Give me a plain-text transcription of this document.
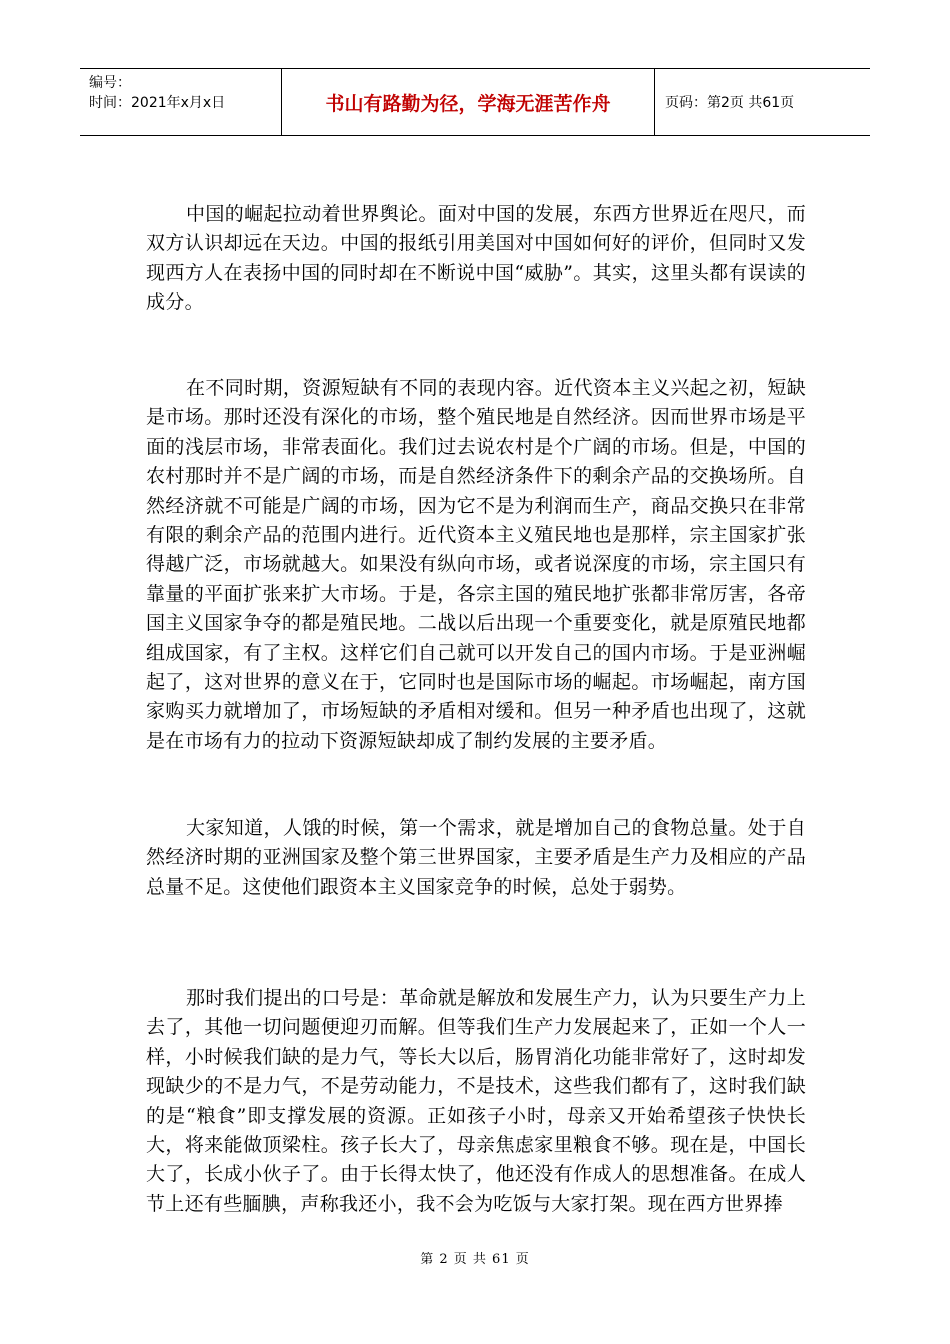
编号：
时间：2021年x月x日	书山有路勤为径，学海无涯苦作舟	页码：第2页 共61页

中国的崛起拉动着世界舆论。面对中国的发展，东西方世界近在咫尺，而双方认识却远在天边。中国的报纸引用美国对中国如何好的评价，但同时又发现西方人在表扬中国的同时却在不断说中国“威胁”。其实，这里头都有误读的成分。

在不同时期，资源短缺有不同的表现内容。近代资本主义兴起之初，短缺是市场。那时还没有深化的市场，整个殖民地是自然经济。因而世界市场是平面的浅层市场，非常表面化。我们过去说农村是个广阔的市场。但是，中国的农村那时并不是广阔的市场，而是自然经济条件下的剩余产品的交换场所。自然经济就不可能是广阔的市场，因为它不是为利润而生产，商品交换只在非常有限的剩余产品的范围内进行。近代资本主义殖民地也是那样，宗主国家扩张得越广泛，市场就越大。如果没有纵向市场，或者说深度的市场，宗主国只有靠量的平面扩张来扩大市场。于是，各宗主国的殖民地扩张都非常厉害，各帝国主义国家争夺的都是殖民地。二战以后出现一个重要变化，就是原殖民地都组成国家，有了主权。这样它们自己就可以开发自己的国内市场。于是亚洲崛起了，这对世界的意义在于，它同时也是国际市场的崛起。市场崛起，南方国家购买力就增加了，市场短缺的矛盾相对缓和。但另一种矛盾也出现了，这就是在市场有力的拉动下资源短缺却成了制约发展的主要矛盾。

大家知道，人饿的时候，第一个需求，就是增加自己的食物总量。处于自然经济时期的亚洲国家及整个第三世界国家，主要矛盾是生产力及相应的产品总量不足。这使他们跟资本主义国家竞争的时候，总处于弱势。

那时我们提出的口号是：革命就是解放和发展生产力，认为只要生产力上去了，其他一切问题便迎刃而解。但等我们生产力发展起来了，正如一个人一样，小时候我们缺的是力气，等长大以后，肠胃消化功能非常好了，这时却发现缺少的不是力气，不是劳动能力，不是技术，这些我们都有了，这时我们缺的是“粮食”即支撑发展的资源。正如孩子小时，母亲又开始希望孩子快快长大，将来能做顶梁柱。孩子长大了，母亲焦虑家里粮食不够。现在是，中国长大了，长成小伙子了。由于长得太快了，他还没有作成人的思想准备。在成人节上还有些腼腆，声称我还小，我不会为吃饭与大家打架。现在西方世界捧

第 2 页 共 61 页
